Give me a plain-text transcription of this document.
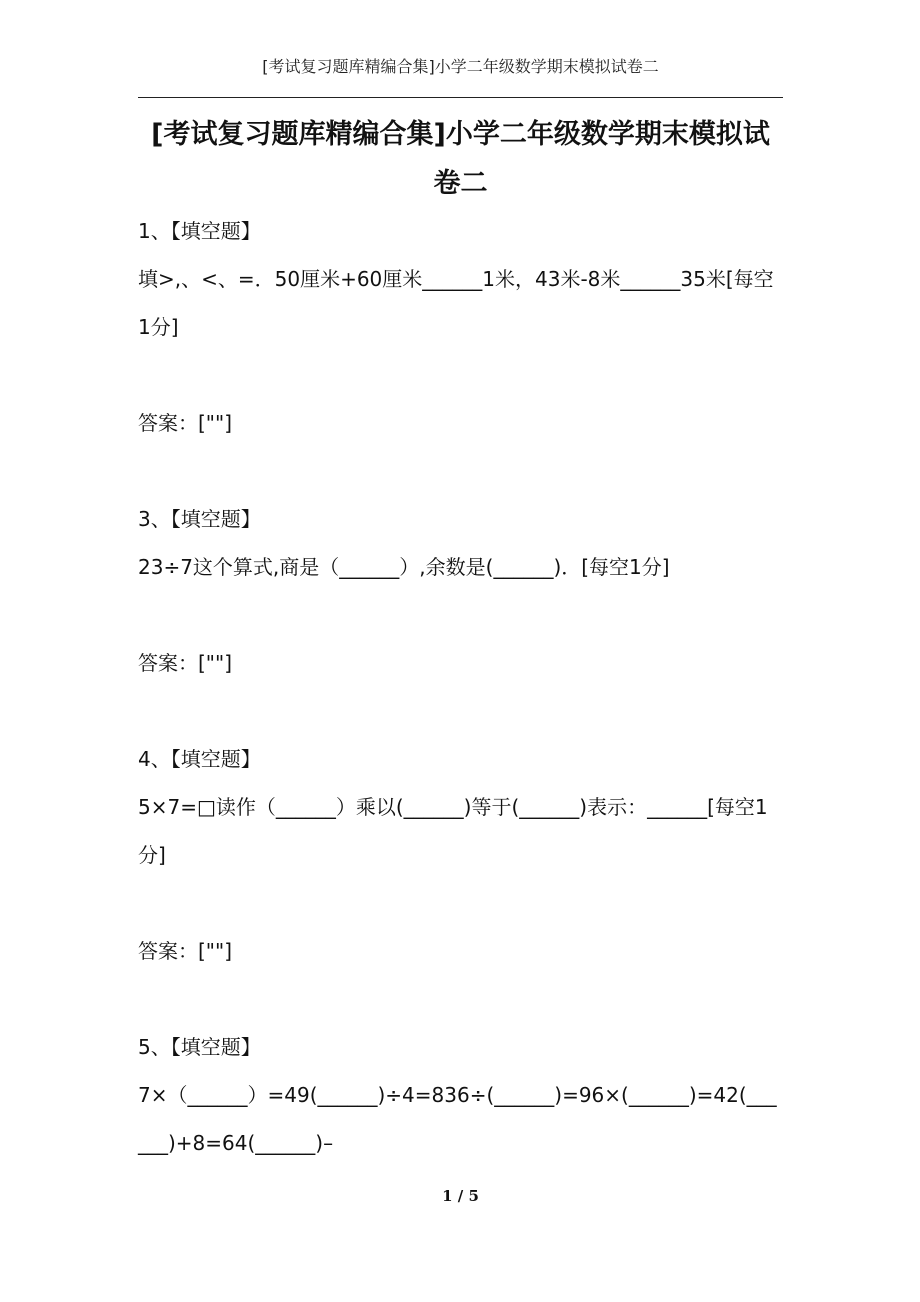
[考试复习题库精编合集]小学二年级数学期末模拟试卷二
[考试复习题库精编合集]小学二年级数学期末模拟试卷二
1、【填空题】
填>,、<、=．50厘米+60厘米______1米，43米-8米______35米[每空1分]
答案：[""]
3、【填空题】
23÷7这个算式,商是（______）,余数是(______)．[每空1分]
答案：[""]
4、【填空题】
5×7=□读作（______）乘以(______)等于(______)表示：______[每空1分]
答案：[""]
5、【填空题】
7×（______）=49(______)÷4=836÷(______)=96×(______)=42(______)+8=64(______)–
1 / 5
